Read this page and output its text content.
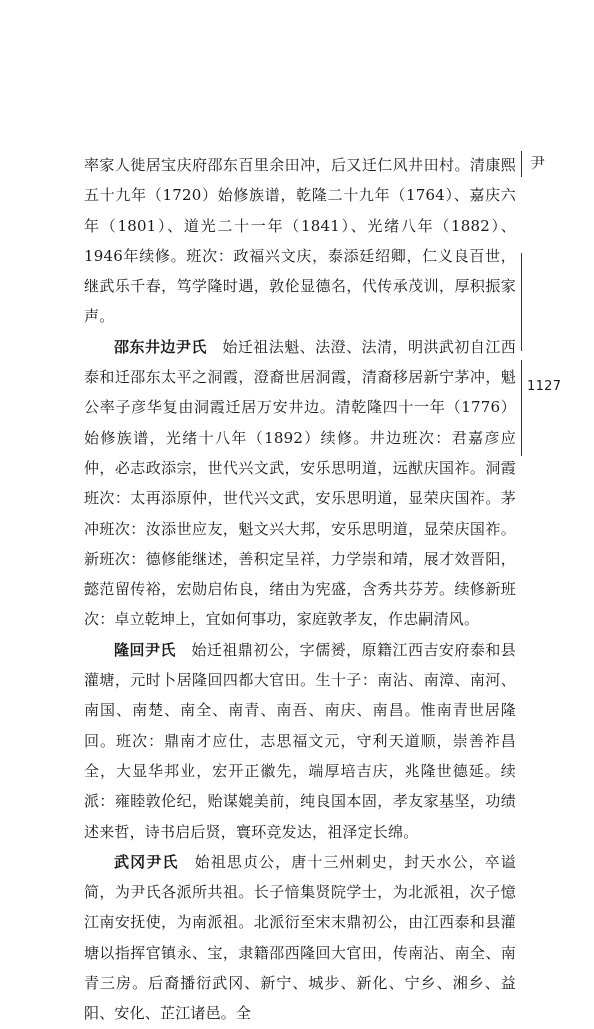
率家人徙居宝庆府邵东百里余田冲，后又迁仁风井田村。清康熙五十九年（1720）始修族谱，乾隆二十九年（1764）、嘉庆六年（1801）、道光二十一年（1841）、光绪八年（1882）、1946年续修。班次：政福兴文庆，泰添廷绍卿，仁义良百世，继武乐千春，笃学隆时遇，敦伦显德名，代传承茂训，厚积振家声。

邵东井边尹氏　 始迁祖法魁、法澄、法清，明洪武初自江西泰和迁邵东太平之洞霞，澄裔世居洞霞，清裔移居新宁茅冲，魁公率子彦华复由洞霞迁居万安井边。清乾隆四十一年（1776）始修族谱，光绪十八年（1892）续修。井边班次：君嘉彦应仲，必志政添宗，世代兴文武，安乐思明道，远猷庆国祚。洞霞班次：太再添原仲，世代兴文武，安乐思明道，显荣庆国祚。茅冲班次：汝添世应友，魁文兴大邦，安乐思明道，显荣庆国祚。新班次：德修能继述，善积定呈祥，力学崇和靖，展才效晋阳，懿范留传裕，宏勋启佑良，绪由为宪盛，含秀共芬芳。续修新班次：卓立乾坤上，宜如何事功，家庭敦孝友，作忠嗣清风。

隆回尹氏　 始迁祖鼎初公，字儒赟，原籍江西吉安府泰和县灌塘，元时卜居隆回四都大官田。生十子：南沾、南漳、南河、南国、南楚、南全、南青、南吾、南庆、南昌。惟南青世居隆回。班次：鼎南才应仕，志思福文元，守利天道顺，崇善祚昌全，大显华邦业，宏开正徽先，端厚培吉庆，兆隆世德延。续派：雍睦敦伦纪，贻谋媲美前，纯良国本固，孝友家基坚，功绩述来哲，诗书启后贤，寰环竞发达，祖泽定长绵。

武冈尹氏　 始祖思贞公，唐十三州刺史，封天水公，卒谥简，为尹氏各派所共祖。长子愔集贤院学士，为北派祖，次子憶江南安抚使，为南派祖。北派衍至宋末鼎初公，由江西泰和县灌塘以指挥官镇永、宝，隶籍邵西隆回大官田，传南沾、南全、南青三房。后裔播衍武冈、新宁、城步、新化、宁乡、湘乡、益阳、安化、芷江诸邑。全

尹
1127
